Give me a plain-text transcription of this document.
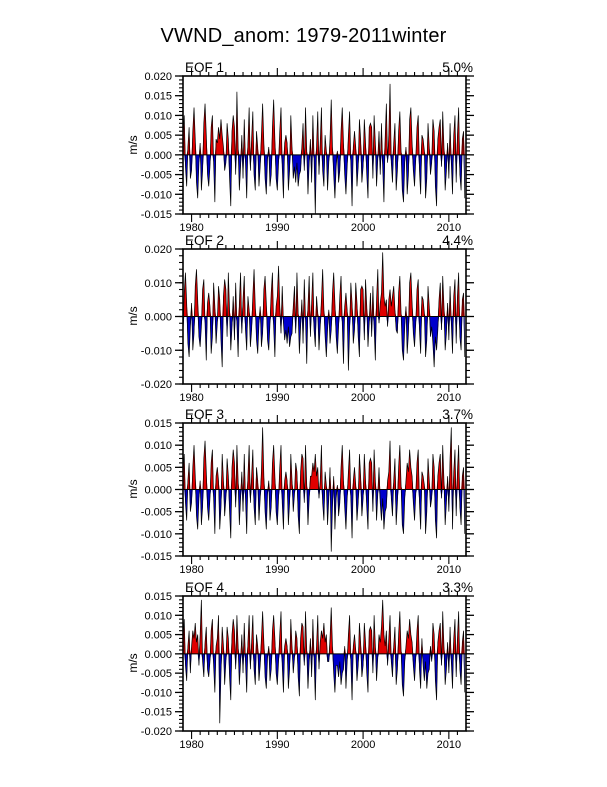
VWND_anom: 1979-2011winter
1980	1990	2000	2010
0.020
0.015
0.010
0.005
0.000
-0.005
-0.010
-0.015
1980	1990	2000	2010
0.020
0.010
0.000
-0.010
-0.020
1980	1990	2000	2010
0.015
0.010
0.005
0.000
-0.005
-0.010
-0.015
1980	1990	2000	2010
0.015
0.010
0.005
0.000
-0.005
-0.010
-0.015
-0.020
EOF 1	5.0%
EOF 2	4.4%
EOF 3	3.7%
EOF 4	3.3%
m/s
m/s
m/s
m/s
